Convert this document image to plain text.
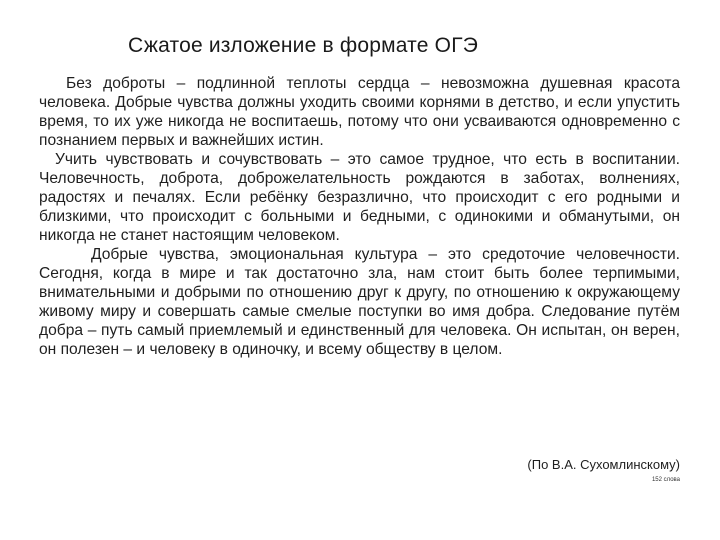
Сжатое изложение в формате ОГЭ

Без доброты – подлинной теплоты сердца – невозможна душевная красота человека. Добрые чувства должны уходить своими корнями в детство, и если упустить время, то их уже никогда не воспитаешь, потому что они усваиваются одновременно с познанием первых и важнейших истин.

Учить чувствовать и сочувствовать – это самое трудное, что есть в воспитании. Человечность, доброта, доброжелательность рождаются в заботах, волнениях, радостях и печалях. Если ребёнку безразлично, что происходит с его родными и близкими, что происходит с больными и бедными, с одинокими и обманутыми, он никогда не станет настоящим человеком.

Добрые чувства, эмоциональная культура – это средоточие человечности. Сегодня, когда в мире и так достаточно зла, нам стоит быть более терпимыми, внимательными и добрыми по отношению друг к другу, по отношению к окружающему живому миру и совершать самые смелые поступки во имя добра. Следование путём добра – путь самый приемлемый и единственный для человека. Он испытан, он верен, он полезен – и человеку в одиночку, и всему обществу в целом.

(По В.А. Сухомлинскому)
152 слова
